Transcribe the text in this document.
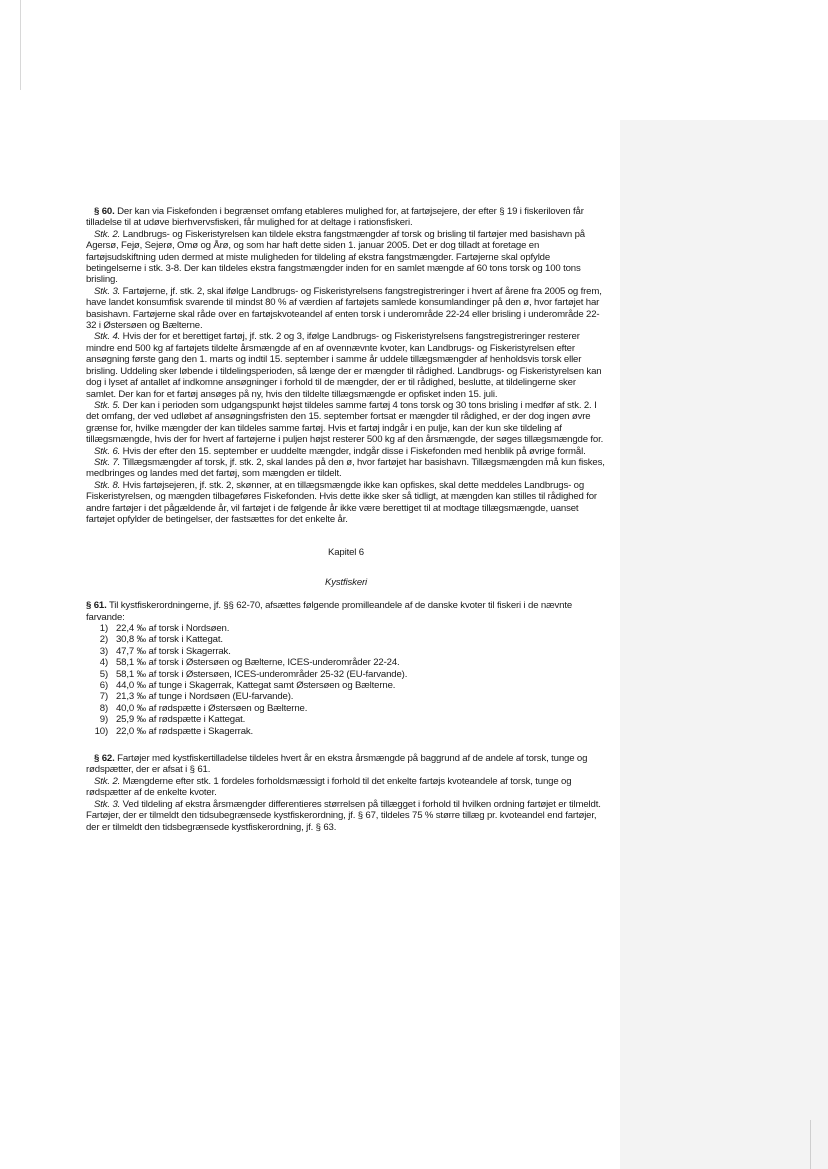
§ 60. Der kan via Fiskefonden i begrænset omfang etableres mulighed for, at fartøjsejere, der efter § 19 i fiskeriloven får tilladelse til at udøve bierhvervsfiskeri, får mulighed for at deltage i rationsfiskeri.

Stk. 2. Landbrugs- og Fiskeristyrelsen kan tildele ekstra fangstmængder af torsk og brisling til fartøjer med basishavn på Agersø, Fejø, Sejerø, Omø og Årø, og som har haft dette siden 1. januar 2005. Det er dog tilladt at foretage en fartøjsudskiftning uden dermed at miste muligheden for tildeling af ekstra fangstmængder. Fartøjerne skal opfylde betingelserne i stk. 3-8. Der kan tildeles ekstra fangstmængder inden for en samlet mængde af 60 tons torsk og 100 tons brisling.

Stk. 3. Fartøjerne, jf. stk. 2, skal ifølge Landbrugs- og Fiskeristyrelsens fangstregistreringer i hvert af årene fra 2005 og frem, have landet konsumfisk svarende til mindst 80 % af værdien af fartøjets samlede konsumlandinger på den ø, hvor fartøjet har basishavn. Fartøjerne skal råde over en fartøjskvoteandel af enten torsk i underområde 22-24 eller brisling i underområde 22-32 i Østersøen og Bælterne.

Stk. 4. Hvis der for et berettiget fartøj, jf. stk. 2 og 3, ifølge Landbrugs- og Fiskeristyrelsens fangstregistreringer resterer mindre end 500 kg af fartøjets tildelte årsmængde af en af ovennævnte kvoter, kan Landbrugs- og Fiskeristyrelsen efter ansøgning første gang den 1. marts og indtil 15. september i samme år uddele tillægsmængder af henholdsvis torsk eller brisling. Uddeling sker løbende i tildelingsperioden, så længe der er mængder til rådighed. Landbrugs- og Fiskeristyrelsen kan dog i lyset af antallet af indkomne ansøgninger i forhold til de mængder, der er til rådighed, beslutte, at tildelingerne sker samlet. Der kan for et fartøj ansøges på ny, hvis den tildelte tillægsmængde er opfisket inden 15. juli.

Stk. 5. Der kan i perioden som udgangspunkt højst tildeles samme fartøj 4 tons torsk og 30 tons brisling i medfør af stk. 2. I det omfang, der ved udløbet af ansøgningsfristen den 15. september fortsat er mængder til rådighed, er der dog ingen øvre grænse for, hvilke mængder der kan tildeles samme fartøj. Hvis et fartøj indgår i en pulje, kan der kun ske tildeling af tillægsmængde, hvis der for hvert af fartøjerne i puljen højst resterer 500 kg af den årsmængde, der søges tillægsmængde for.

Stk. 6. Hvis der efter den 15. september er uuddelte mængder, indgår disse i Fiskefonden med henblik på øvrige formål.

Stk. 7. Tillægsmængder af torsk, jf. stk. 2, skal landes på den ø, hvor fartøjet har basishavn. Tillægsmængden må kun fiskes, medbringes og landes med det fartøj, som mængden er tildelt.

Stk. 8. Hvis fartøjsejeren, jf. stk. 2, skønner, at en tillægsmængde ikke kan opfiskes, skal dette meddeles Landbrugs- og Fiskeristyrelsen, og mængden tilbageføres Fiskefonden. Hvis dette ikke sker så tidligt, at mængden kan stilles til rådighed for andre fartøjer i det pågældende år, vil fartøjet i de følgende år ikke være berettiget til at modtage tillægsmængde, uanset fartøjet opfylder de betingelser, der fastsættes for det enkelte år.

Kapitel 6

Kystfiskeri

§ 61. Til kystfiskerordningerne, jf. §§ 62-70, afsættes følgende promilleandele af de danske kvoter til fiskeri i de nævnte farvande:

1) 22,4 ‰ af torsk i Nordsøen.
2) 30,8 ‰ af torsk i Kattegat.
3) 47,7 ‰ af torsk i Skagerrak.
4) 58,1 ‰ af torsk i Østersøen og Bælterne, ICES-underområder 22-24.
5) 58,1 ‰ af torsk i Østersøen, ICES-underområder 25-32 (EU-farvande).
6) 44,0 ‰ af tunge i Skagerrak, Kattegat samt Østersøen og Bælterne.
7) 21,3 ‰ af tunge i Nordsøen (EU-farvande).
8) 40,0 ‰ af rødspætte i Østersøen og Bælterne.
9) 25,9 ‰ af rødspætte i Kattegat.
10) 22,0 ‰ af rødspætte i Skagerrak.

§ 62. Fartøjer med kystfiskertilladelse tildeles hvert år en ekstra årsmængde på baggrund af de andele af torsk, tunge og rødspætter, der er afsat i § 61.

Stk. 2. Mængderne efter stk. 1 fordeles forholdsmæssigt i forhold til det enkelte fartøjs kvoteandele af torsk, tunge og rødspætter af de enkelte kvoter.

Stk. 3. Ved tildeling af ekstra årsmængder differentieres størrelsen på tillægget i forhold til hvilken ordning fartøjet er tilmeldt. Fartøjer, der er tilmeldt den tidsubegrænsede kystfiskerordning, jf. § 67, tildeles 75 % større tillæg pr. kvoteandel end fartøjer, der er tilmeldt den tidsbegrænsede kystfiskerordning, jf. § 63.
